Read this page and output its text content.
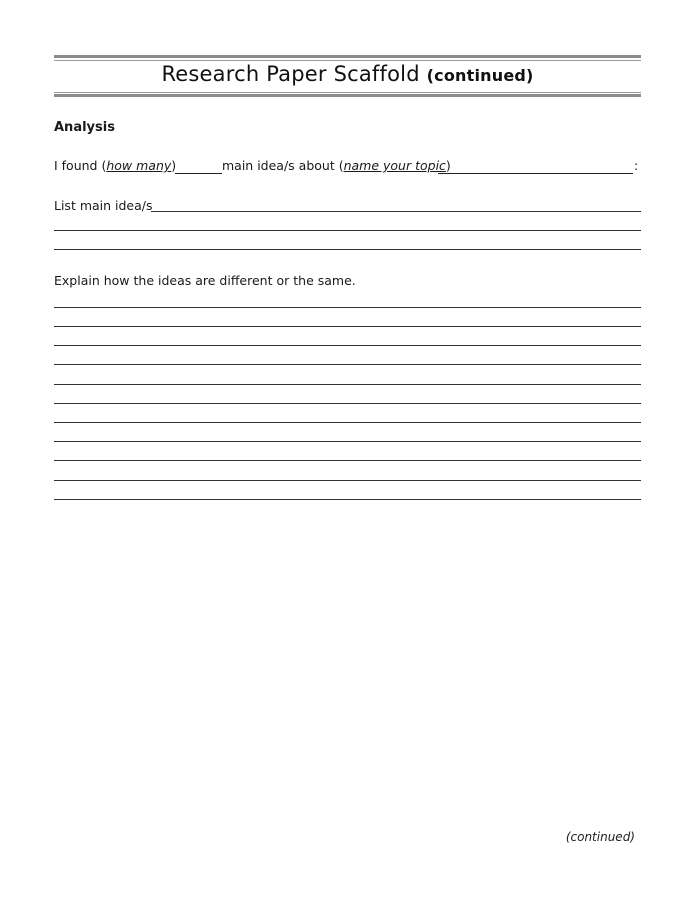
Research Paper Scaffold (continued)
Analysis
I found (how many)	main idea/s about (name your topic)	:
List main idea/s
Explain how the ideas are different or the same.
(continued)
